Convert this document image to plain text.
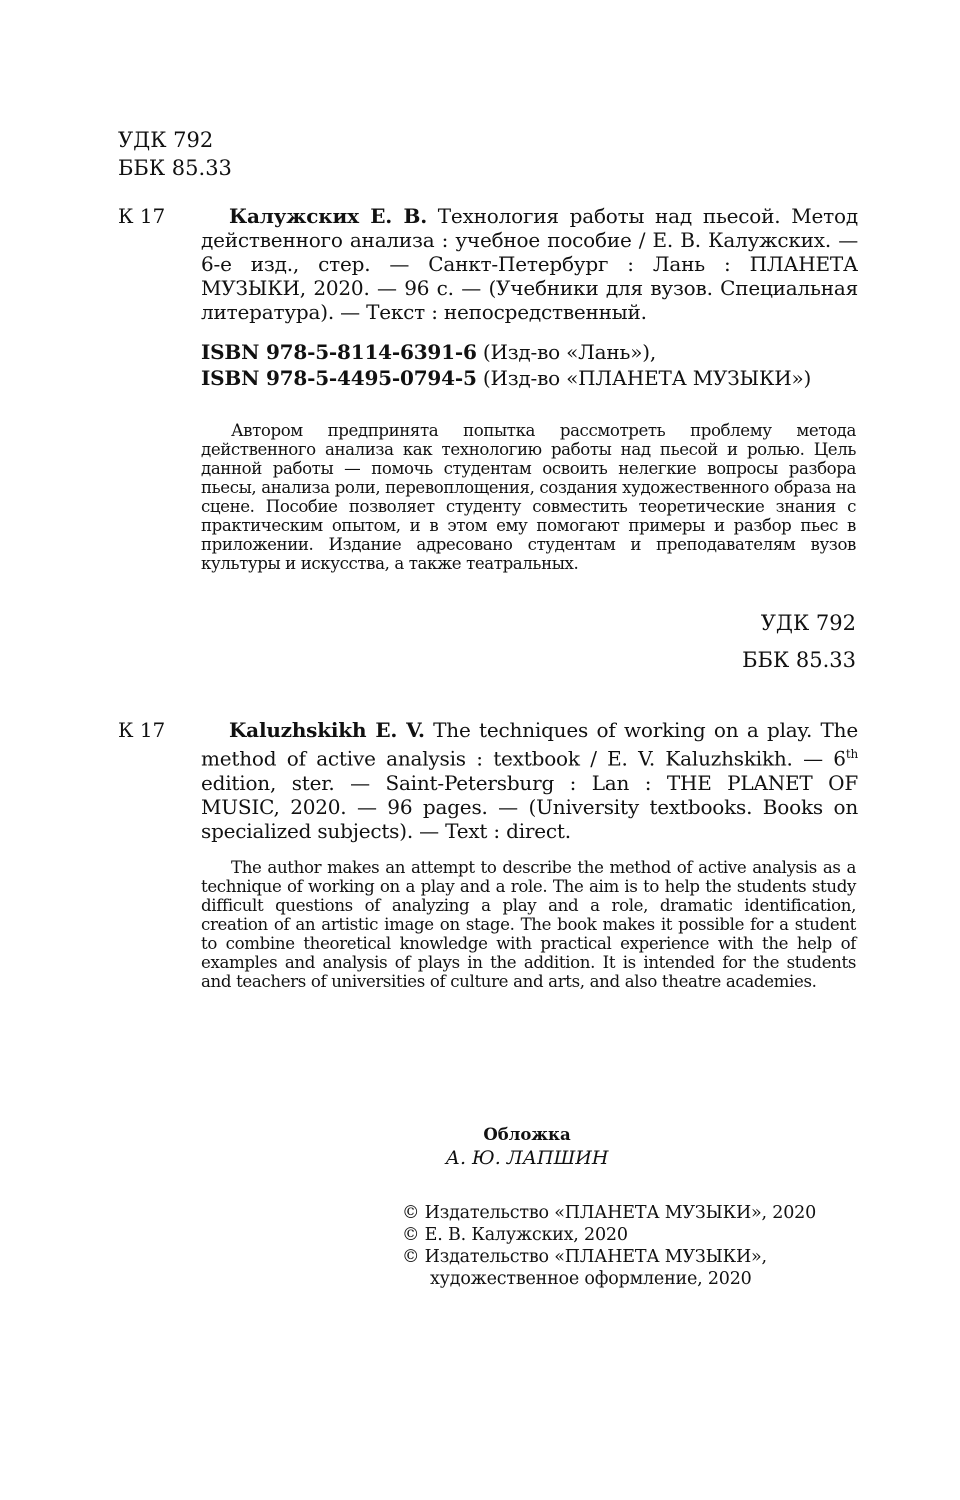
УДК 792
ББК 85.33
К 17	Калужских Е. В. Технология работы над пьесой. Метод действенного анализа : учебное пособие / Е. В. Калужских. — 6-е изд., стер. — Санкт-Петербург : Лань : ПЛАНЕТА МУЗЫКИ, 2020. — 96 с. — (Учебники для вузов. Специальная литература). — Текст : непосредственный.
ISBN 978-5-8114-6391-6 (Изд-во «Лань»),
ISBN 978-5-4495-0794-5 (Изд-во «ПЛАНЕТА МУЗЫКИ»)
Автором предпринята попытка рассмотреть проблему метода действенного анализа как технологию работы над пьесой и ролью. Цель данной работы — помочь студентам освоить нелегкие вопросы разбора пьесы, анализа роли, перевоплощения, создания художественного образа на сцене. Пособие позволяет студенту совместить теоретические знания с практическим опытом, и в этом ему помогают примеры и разбор пьес в приложении. Издание адресовано студентам и преподавателям вузов культуры и искусства, а также театральных.
УДК 792
ББК 85.33
К 17	Kaluzhskikh E. V. The techniques of working on a play. The method of active analysis : textbook / E. V. Kaluzhskikh. — 6th edition, ster. — Saint-Petersburg : Lan : THE PLANET OF MUSIC, 2020. — 96 pages. — (University textbooks. Books on specialized subjects). — Text : direct.
The author makes an attempt to describe the method of active analysis as a technique of working on a play and a role. The aim is to help the students study difficult questions of analyzing a play and a role, dramatic identification, creation of an artistic image on stage. The book makes it possible for a student to combine theoretical knowledge with practical experience with the help of examples and analysis of plays in the addition. It is intended for the students and teachers of universities of culture and arts, and also theatre academies.
Обложка
А. Ю. ЛАПШИН
© Издательство «ПЛАНЕТА МУЗЫКИ», 2020
© Е. В. Калужских, 2020
© Издательство «ПЛАНЕТА МУЗЫКИ»,
художественное оформление, 2020
